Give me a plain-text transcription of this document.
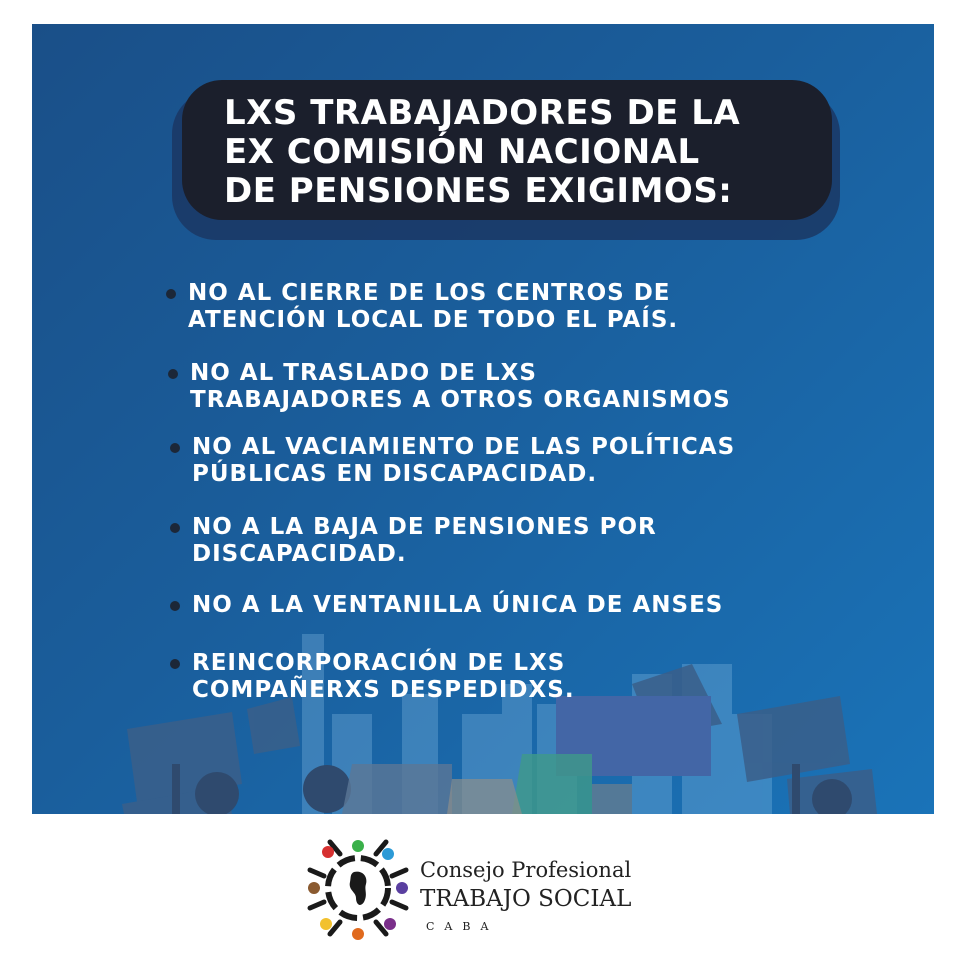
LXS TRABAJADORES DE LA
EX COMISIÓN NACIONAL
DE PENSIONES EXIGIMOS:
NO AL CIERRE DE LOS CENTROS DE
ATENCIÓN LOCAL DE TODO EL PAÍS.
NO AL TRASLADO DE LXS
TRABAJADORES A OTROS ORGANISMOS
NO AL VACIAMIENTO DE LAS POLÍTICAS
PÚBLICAS EN DISCAPACIDAD.
NO A LA BAJA DE PENSIONES POR
DISCAPACIDAD.
NO A LA VENTANILLA ÚNICA DE ANSES
REINCORPORACIÓN DE LXS
COMPAÑERXS DESPEDIDXS.
Consejo Profesional
TRABAJO SOCIAL
CABA
